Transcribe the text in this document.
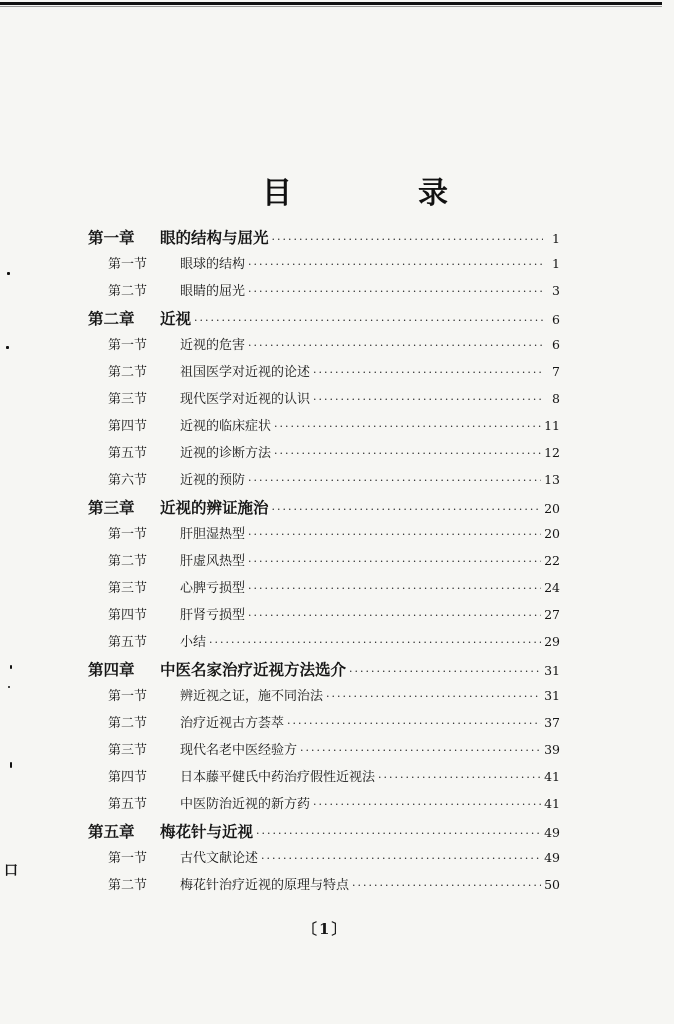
目　录
第一章	眼的结构与屈光 ·····	1
第一节	眼球的结构 ·····	1
第二节	眼睛的屈光 ·····	3
第二章	近视 ·····	6
第一节	近视的危害 ·····	6
第二节	祖国医学对近视的论述 ·····	7
第三节	现代医学对近视的认识 ·····	8
第四节	近视的临床症状 ·····	11
第五节	近视的诊断方法 ·····	12
第六节	近视的预防 ·····	13
第三章	近视的辨证施治 ·····	20
第一节	肝胆湿热型 ·····	20
第二节	肝虚风热型 ·····	22
第三节	心脾亏损型 ·····	24
第四节	肝肾亏损型 ·····	27
第五节	小结 ·····	29
第四章	中医名家治疗近视方法选介 ·····	31
第一节	辨近视之证，施不同治法 ·····	31
第二节	治疗近视古方荟萃 ·····	37
第三节	现代名老中医经验方 ·····	39
第四节	日本藤平健氏中药治疗假性近视法 ·····	41
第五节	中医防治近视的新方药 ·····	41
第五章	梅花针与近视 ·····	49
第一节	古代文献论述 ·····	49
第二节	梅花针治疗近视的原理与特点 ·····	50
〔1〕
口
